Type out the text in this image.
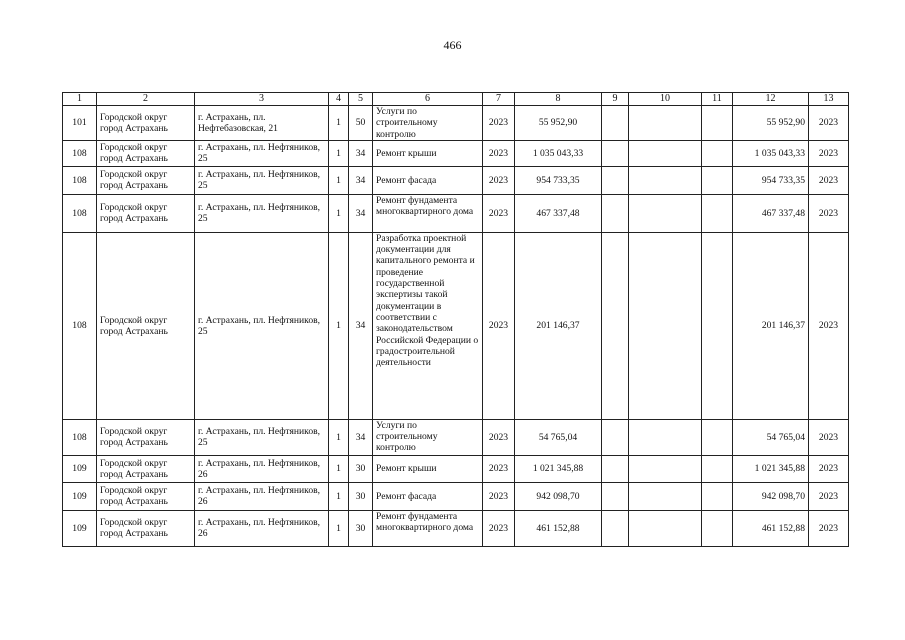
466
1	2	3	4	5	6	7	8	9	10	11	12	13
101	Городской округ город Астрахань	г. Астрахань, пл. Нефтебазовская, 21	1	50	Услуги по строительному контролю	2023	55 952,90				55 952,90	2023
108	Городской округ город Астрахань	г. Астрахань, пл. Нефтяников, 25	1	34	Ремонт крыши	2023	1 035 043,33				1 035 043,33	2023
108	Городской округ город Астрахань	г. Астрахань, пл. Нефтяников, 25	1	34	Ремонт фасада	2023	954 733,35				954 733,35	2023
108	Городской округ город Астрахань	г. Астрахань, пл. Нефтяников, 25	1	34	Ремонт фундамента многоквартирного дома	2023	467 337,48				467 337,48	2023
108	Городской округ город Астрахань	г. Астрахань, пл. Нефтяников, 25	1	34	Разработка проектной документации для капитального ремонта и проведение государственной экспертизы такой документации в соответствии с законодательством Российской Федерации о градостроительной деятельности	2023	201 146,37				201 146,37	2023
108	Городской округ город Астрахань	г. Астрахань, пл. Нефтяников, 25	1	34	Услуги по строительному контролю	2023	54 765,04				54 765,04	2023
109	Городской округ город Астрахань	г. Астрахань, пл. Нефтяников, 26	1	30	Ремонт крыши	2023	1 021 345,88				1 021 345,88	2023
109	Городской округ город Астрахань	г. Астрахань, пл. Нефтяников, 26	1	30	Ремонт фасада	2023	942 098,70				942 098,70	2023
109	Городской округ город Астрахань	г. Астрахань, пл. Нефтяников, 26	1	30	Ремонт фундамента многоквартирного дома	2023	461 152,88				461 152,88	2023
